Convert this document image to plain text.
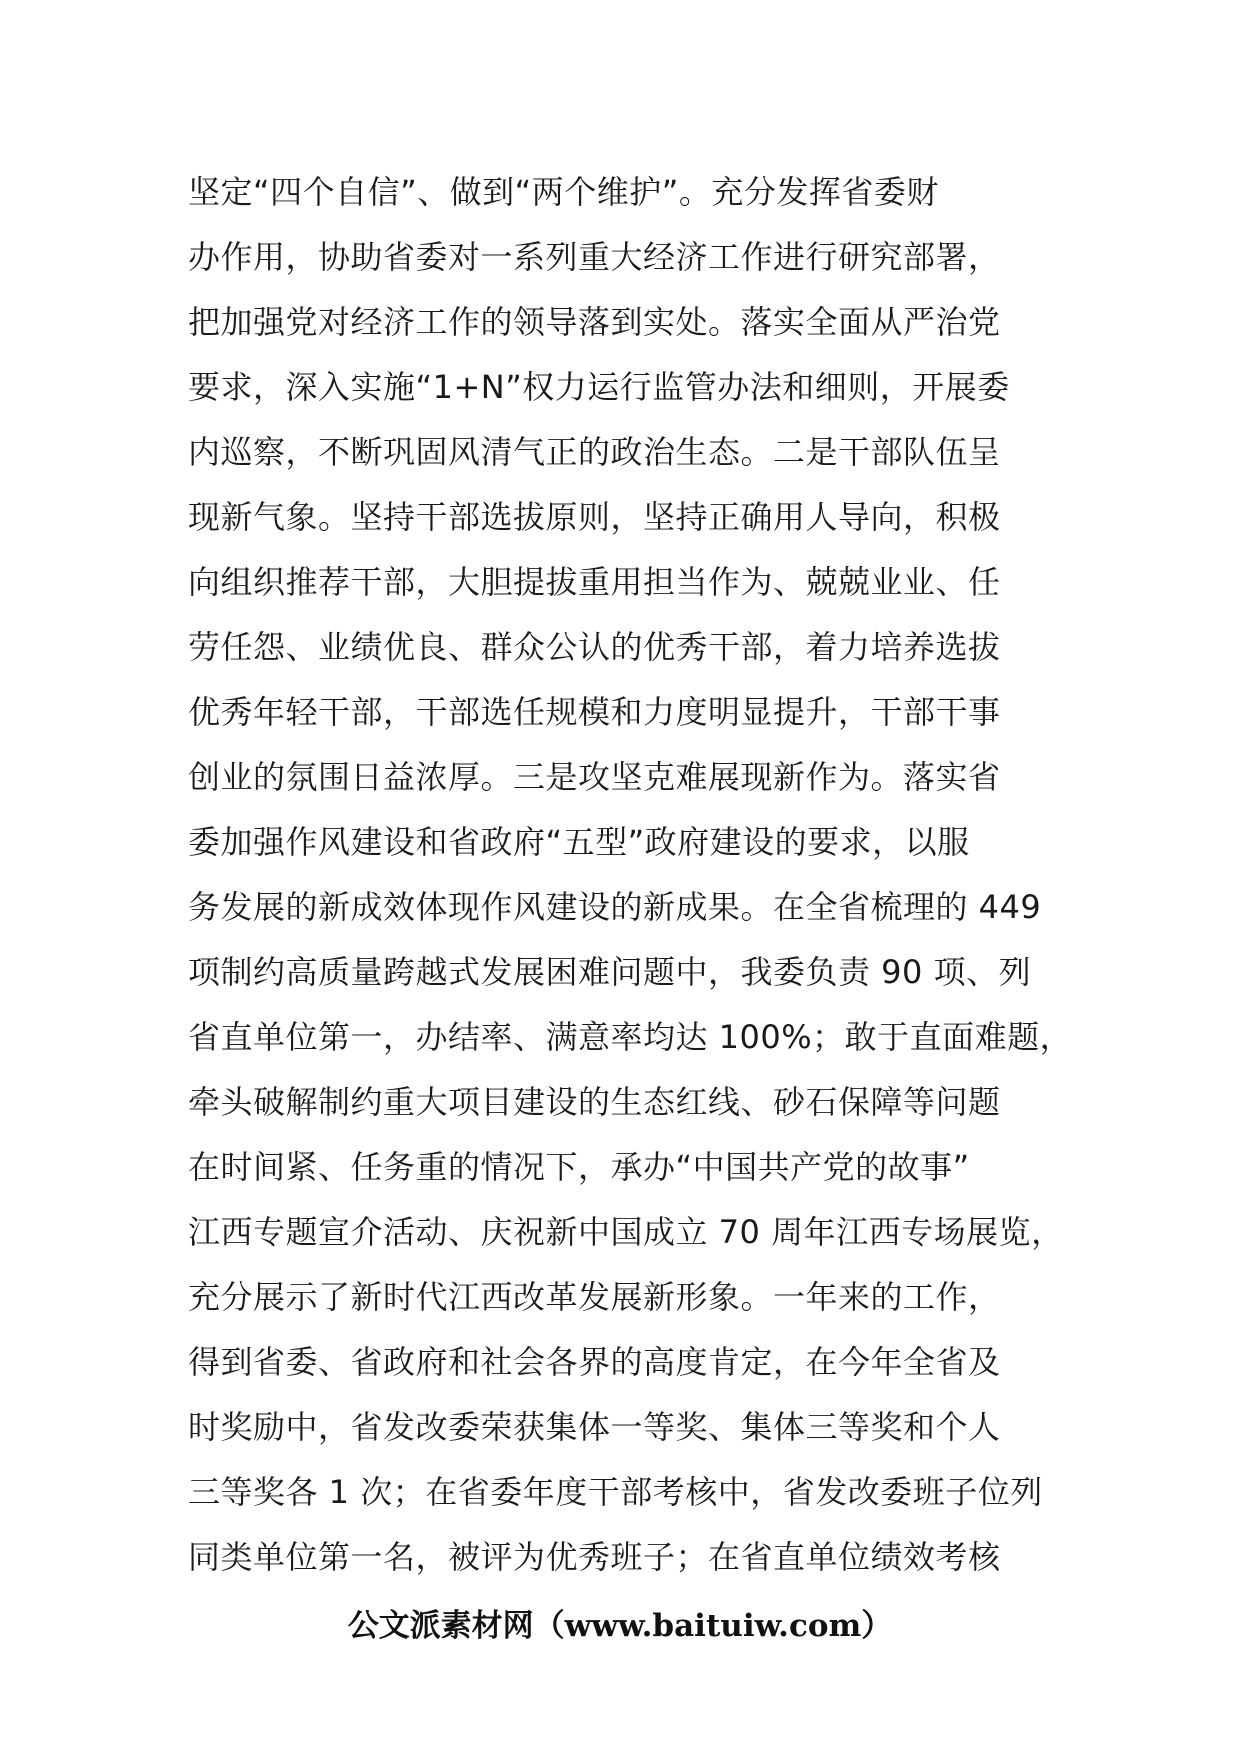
坚定“四个自信”、做到“两个维护”。充分发挥省委财
办作用，协助省委对一系列重大经济工作进行研究部署，
把加强党对经济工作的领导落到实处。落实全面从严治党
要求，深入实施“1+N”权力运行监管办法和细则，开展委
内巡察，不断巩固风清气正的政治生态。二是干部队伍呈
现新气象。坚持干部选拔原则，坚持正确用人导向，积极
向组织推荐干部，大胆提拔重用担当作为、兢兢业业、任
劳任怨、业绩优良、群众公认的优秀干部，着力培养选拔
优秀年轻干部，干部选任规模和力度明显提升，干部干事
创业的氛围日益浓厚。三是攻坚克难展现新作为。落实省
委加强作风建设和省政府“五型”政府建设的要求，以服
务发展的新成效体现作风建设的新成果。在全省梳理的 449
项制约高质量跨越式发展困难问题中，我委负责 90 项、列
省直单位第一，办结率、满意率均达 100%；敢于直面难题，
牵头破解制约重大项目建设的生态红线、砂石保障等问题
在时间紧、任务重的情况下，承办“中国共产党的故事”
江西专题宣介活动、庆祝新中国成立 70 周年江西专场展览，
充分展示了新时代江西改革发展新形象。一年来的工作，
得到省委、省政府和社会各界的高度肯定，在今年全省及
时奖励中，省发改委荣获集体一等奖、集体三等奖和个人
三等奖各 1 次；在省委年度干部考核中，省发改委班子位列
同类单位第一名，被评为优秀班子；在省直单位绩效考核
公文派素材网（www.baituiw.com）
